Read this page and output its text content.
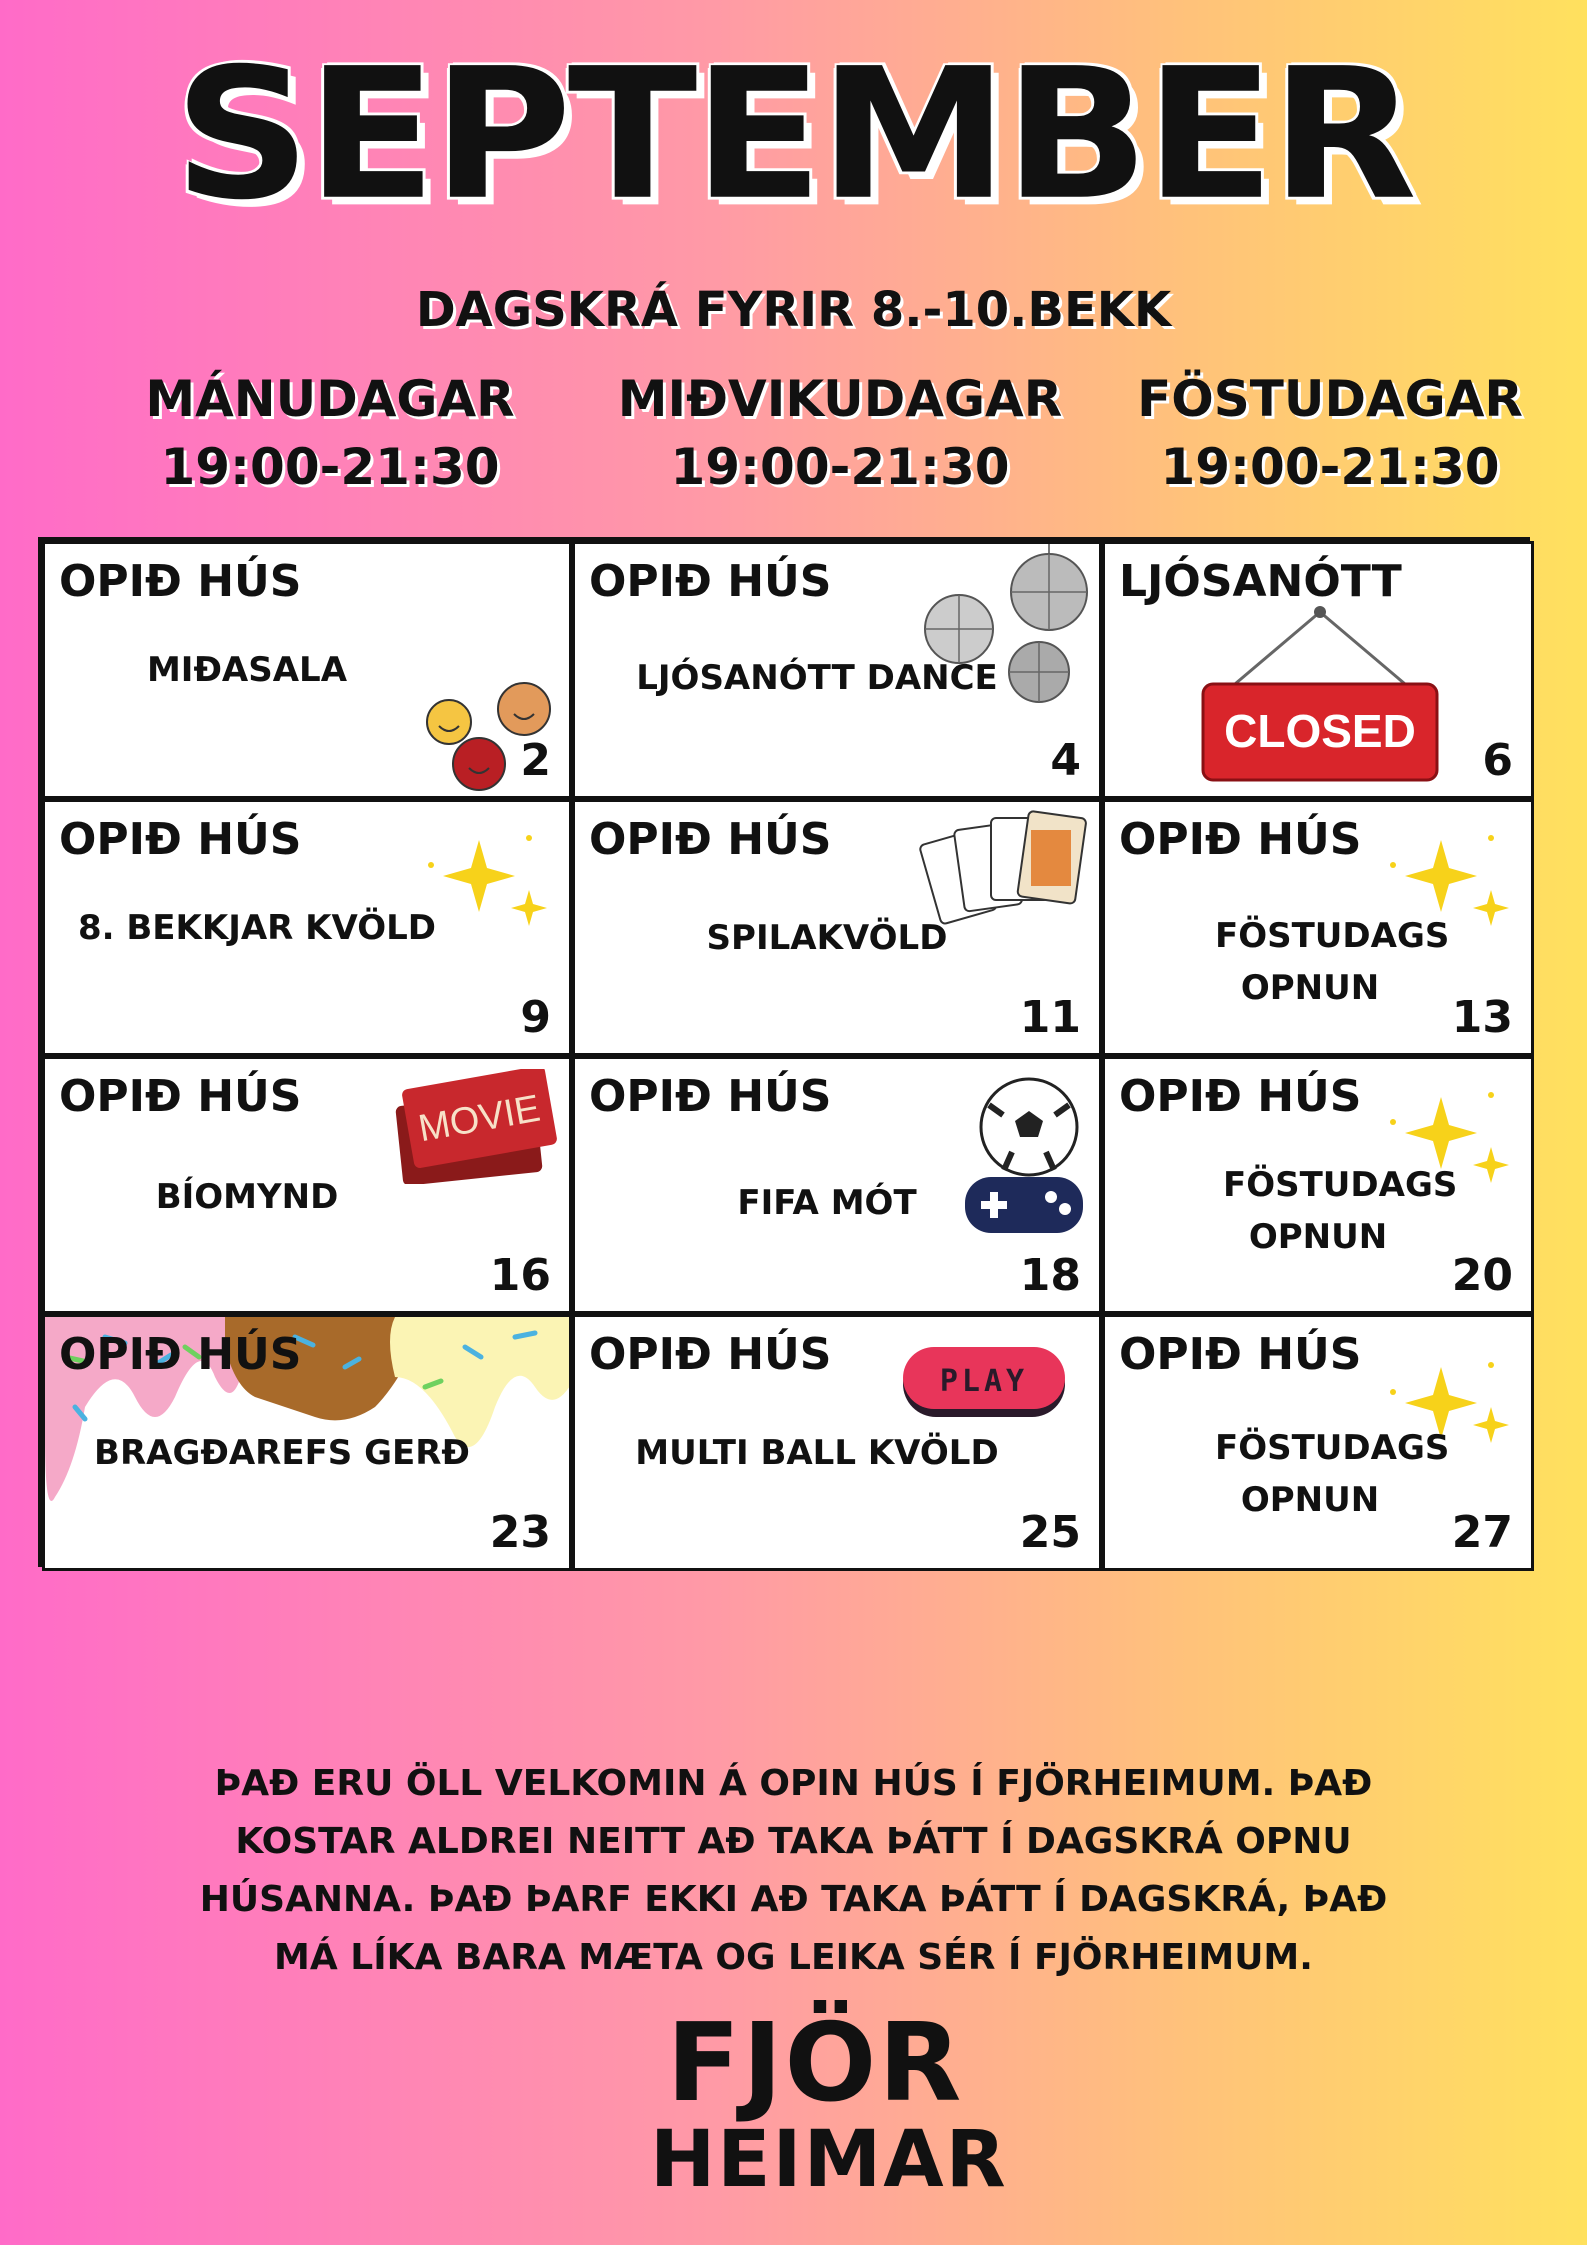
SEPTEMBER
DAGSKRÁ FYRIR 8.-10.BEKK
MÁNUDAGAR
19:00-21:30
MIÐVIKUDAGAR
19:00-21:30
FÖSTUDAGAR
19:00-21:30
OPIÐ HÚS
MIÐASALA
2
OPIÐ HÚS
LJÓSANÓTT DANCE
4
LJÓSANÓTT
CLOSED
6
OPIÐ HÚS
8. BEKKJAR KVÖLD
9
OPIÐ HÚS
SPILAKVÖLD
11
OPIÐ HÚS
FÖSTUDAGS OPNUN
13
OPIÐ HÚS
BÍOMYND
MOVIE
16
OPIÐ HÚS
FIFA MÓT
18
OPIÐ HÚS
FÖSTUDAGS OPNUN
20
OPIÐ HÚS
BRAGÐAREFS GERÐ
23
OPIÐ HÚS
MULTI BALL KVÖLD
PLAY
25
OPIÐ HÚS
FÖSTUDAGS OPNUN
27
ÞAÐ ERU ÖLL VELKOMIN Á OPIN HÚS Í FJÖRHEIMUM. ÞAÐ
KOSTAR ALDREI NEITT AÐ TAKA ÞÁTT Í DAGSKRÁ OPNU
HÚSANNA. ÞAÐ ÞARF EKKI AÐ TAKA ÞÁTT Í DAGSKRÁ, ÞAÐ
MÁ LÍKA BARA MÆTA OG LEIKA SÉR Í FJÖRHEIMUM.
FJÖR
HEIMAR
